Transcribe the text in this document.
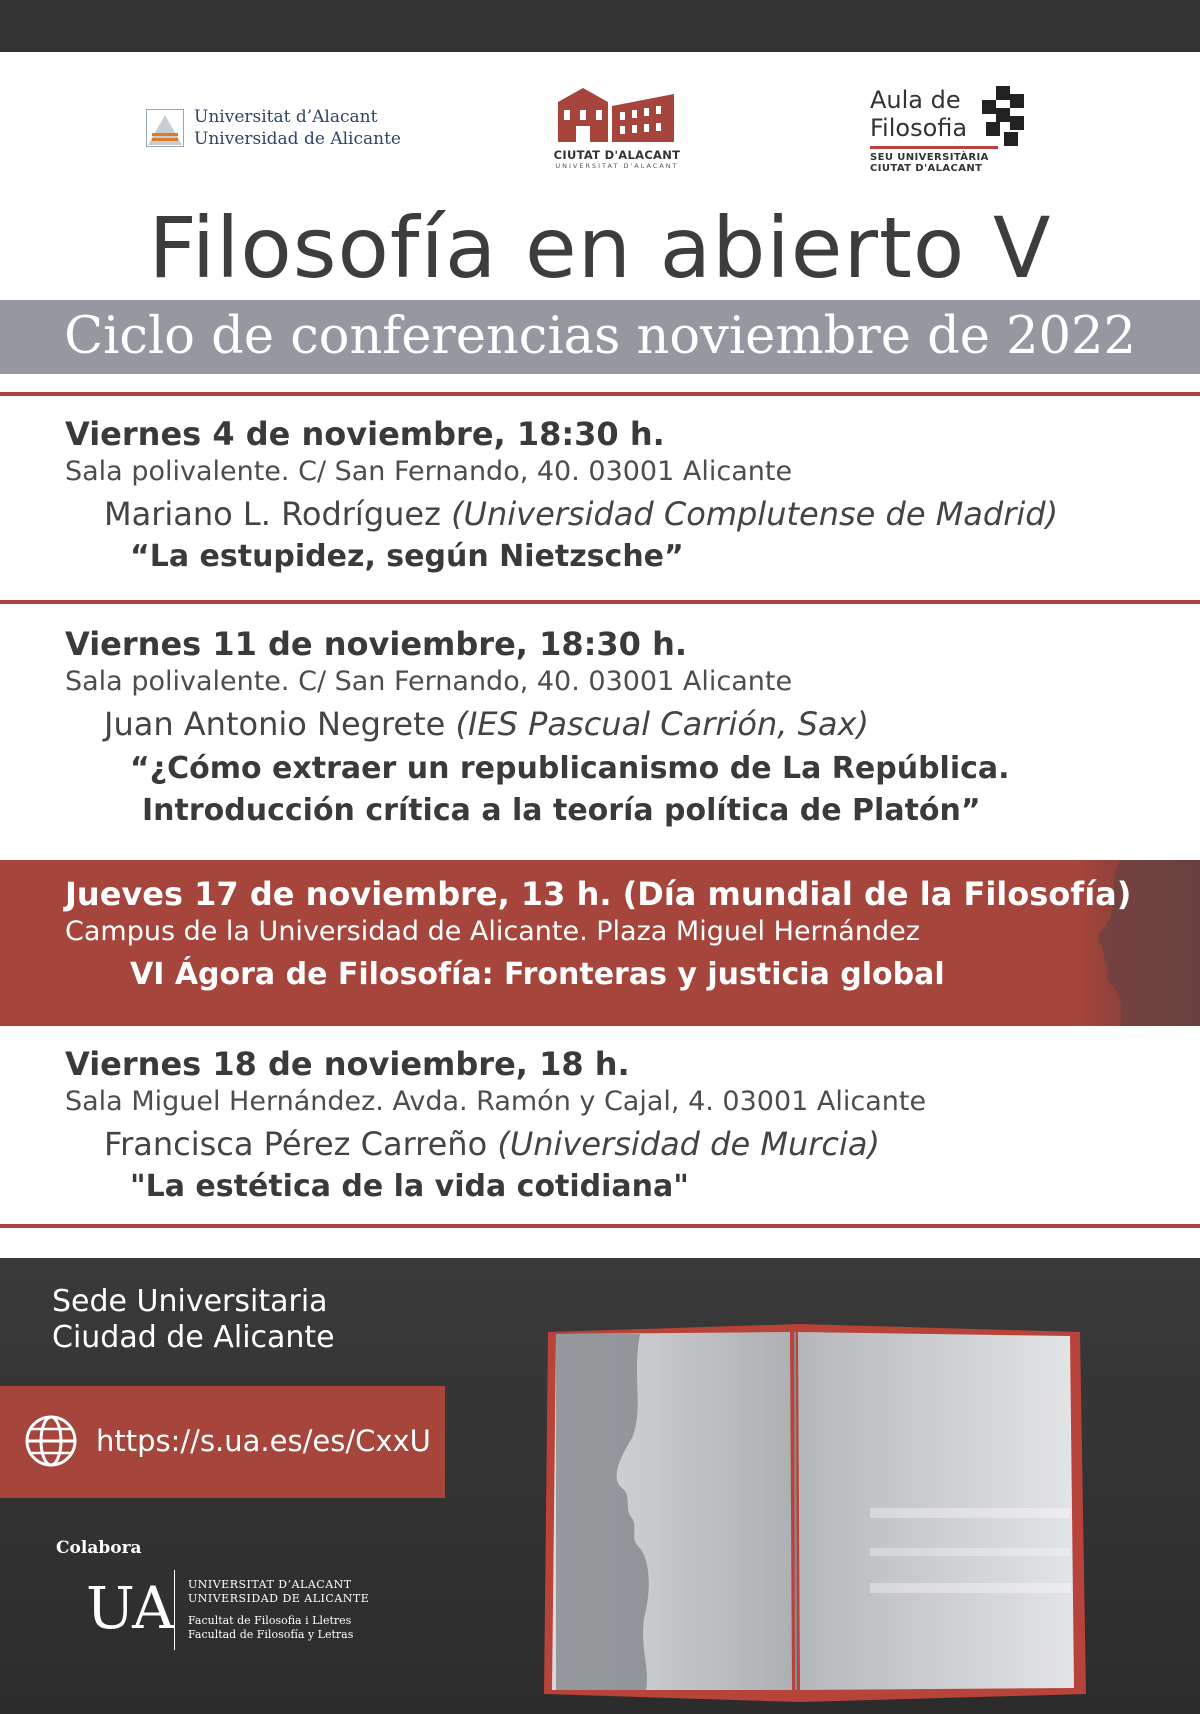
Universitat d’Alacant
Universidad de Alicante
CIUTAT D'ALACANT
UNIVERSITAT D'ALACANT
Aula de
Filosofia
SEU UNIVERSITÀRIA
CIUTAT D'ALACANT
Filosofía en abierto V
Ciclo de conferencias noviembre de 2022
Viernes 4 de noviembre, 18:30 h.
Sala polivalente. C/ San Fernando, 40. 03001 Alicante
Mariano L. Rodríguez (Universidad Complutense de Madrid)
“La estupidez, según Nietzsche”
Viernes 11 de noviembre, 18:30 h.
Sala polivalente. C/ San Fernando, 40. 03001 Alicante
Juan Antonio Negrete (IES Pascual Carrión, Sax)
“¿Cómo extraer un republicanismo de La República.
Introducción crítica a la teoría política de Platón”
Jueves 17 de noviembre, 13 h. (Día mundial de la Filosofía)
Campus de la Universidad de Alicante. Plaza Miguel Hernández
VI Ágora de Filosofía: Fronteras y justicia global
Viernes 18 de noviembre, 18 h.
Sala Miguel Hernández. Avda. Ramón y Cajal, 4. 03001 Alicante
Francisca Pérez Carreño (Universidad de Murcia)
"La estética de la vida cotidiana"
Sede Universitaria
Ciudad de Alicante
https://s.ua.es/es/CxxU
Colabora
UA UNIVERSITAT D’ALACANT
UNIVERSIDAD DE ALICANTE
Facultat de Filosofia i Lletres
Facultad de Filosofía y Letras
